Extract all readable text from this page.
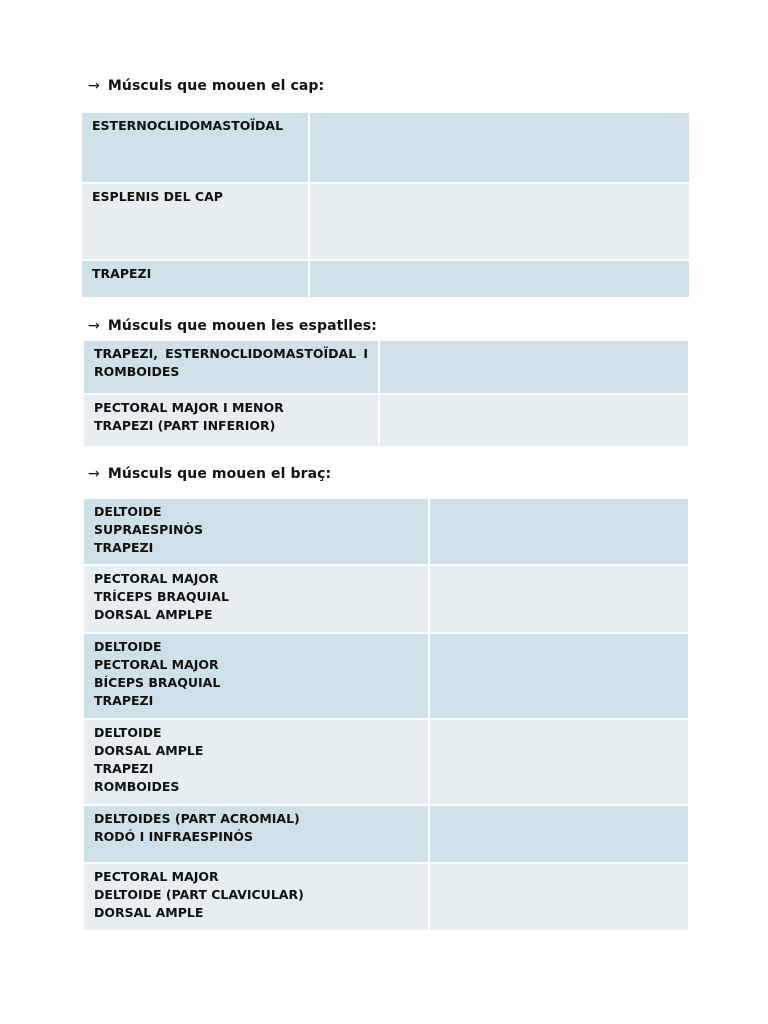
→ Músculs que mouen el cap:
ESTERNOCLIDOMASTOÏDAL	

ESPLENIS DEL CAP	

TRAPEZI	

→ Músculs que mouen les espatlles:
TRAPEZI, ESTERNOCLIDOMASTOÏDAL I
ROMBOIDES	

PECTORAL MAJOR I MENOR
TRAPEZI (PART INFERIOR)	

→ Músculs que mouen el braç:
DELTOIDE
SUPRAESPINÒS
TRAPEZI	

PECTORAL MAJOR
TRÍCEPS BRAQUIAL
DORSAL AMPLPE	

DELTOIDE
PECTORAL MAJOR
BÍCEPS BRAQUIAL
TRAPEZI	

DELTOIDE
DORSAL AMPLE
TRAPEZI
ROMBOIDES	

DELTOIDES (PART ACROMIAL)
RODÓ I INFRAESPINÓS	

PECTORAL MAJOR
DELTOIDE (PART CLAVICULAR)
DORSAL AMPLE	
